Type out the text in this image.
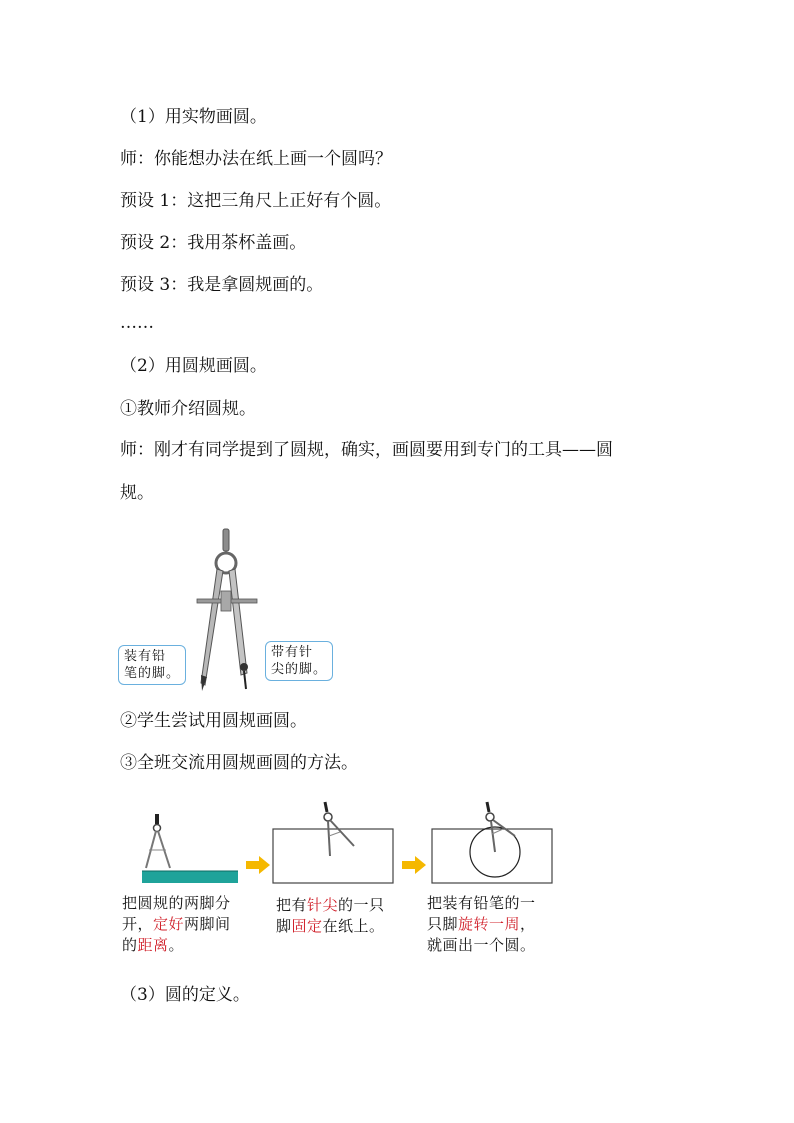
（1）用实物画圆。
师：你能想办法在纸上画一个圆吗？
预设 1：这把三角尺上正好有个圆。
预设 2：我用茶杯盖画。
预设 3：我是拿圆规画的。
……
（2）用圆规画圆。
①教师介绍圆规。
师：刚才有同学提到了圆规，确实，画圆要用到专门的工具——圆
规。
装有铅
笔的脚。
带有针
尖的脚。
②学生尝试用圆规画圆。
③全班交流用圆规画圆的方法。
把圆规的两脚分
开，定好两脚间
的距离。
把有针尖的一只
脚固定在纸上。
把装有铅笔的一
只脚旋转一周，
就画出一个圆。
（3）圆的定义。
